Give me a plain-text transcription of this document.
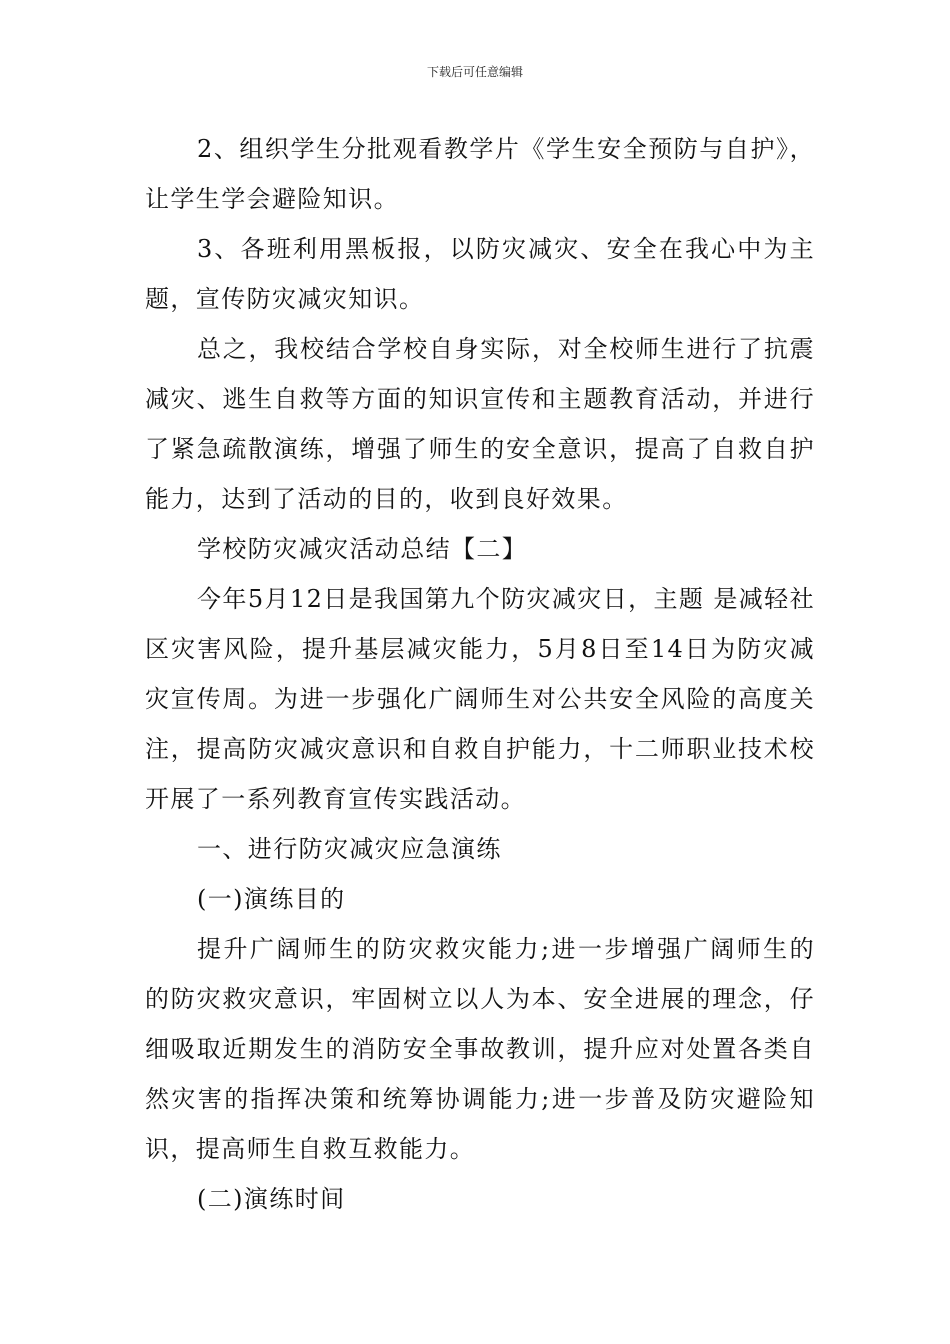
下载后可任意编辑

2、组织学生分批观看教学片《学生安全预防与自护》，让学生学会避险知识。

3、各班利用黑板报，以防灾减灾、安全在我心中为主题，宣传防灾减灾知识。

总之，我校结合学校自身实际，对全校师生进行了抗震减灾、逃生自救等方面的知识宣传和主题教育活动，并进行了紧急疏散演练，增强了师生的安全意识，提高了自救自护能力，达到了活动的目的，收到良好效果。

学校防灾减灾活动总结【二】

今年5月12日是我国第九个防灾减灾日，主题 是减轻社区灾害风险，提升基层减灾能力，5月8日至14日为防灾减灾宣传周。为进一步强化广阔师生对公共安全风险的高度关注，提高防灾减灾意识和自救自护能力，十二师职业技术校开展了一系列教育宣传实践活动。

一、进行防灾减灾应急演练

(一)演练目的

提升广阔师生的防灾救灾能力;进一步增强广阔师生的的防灾救灾意识，牢固树立以人为本、安全进展的理念，仔细吸取近期发生的消防安全事故教训，提升应对处置各类自然灾害的指挥决策和统筹协调能力;进一步普及防灾避险知识，提高师生自救互救能力。

(二)演练时间
